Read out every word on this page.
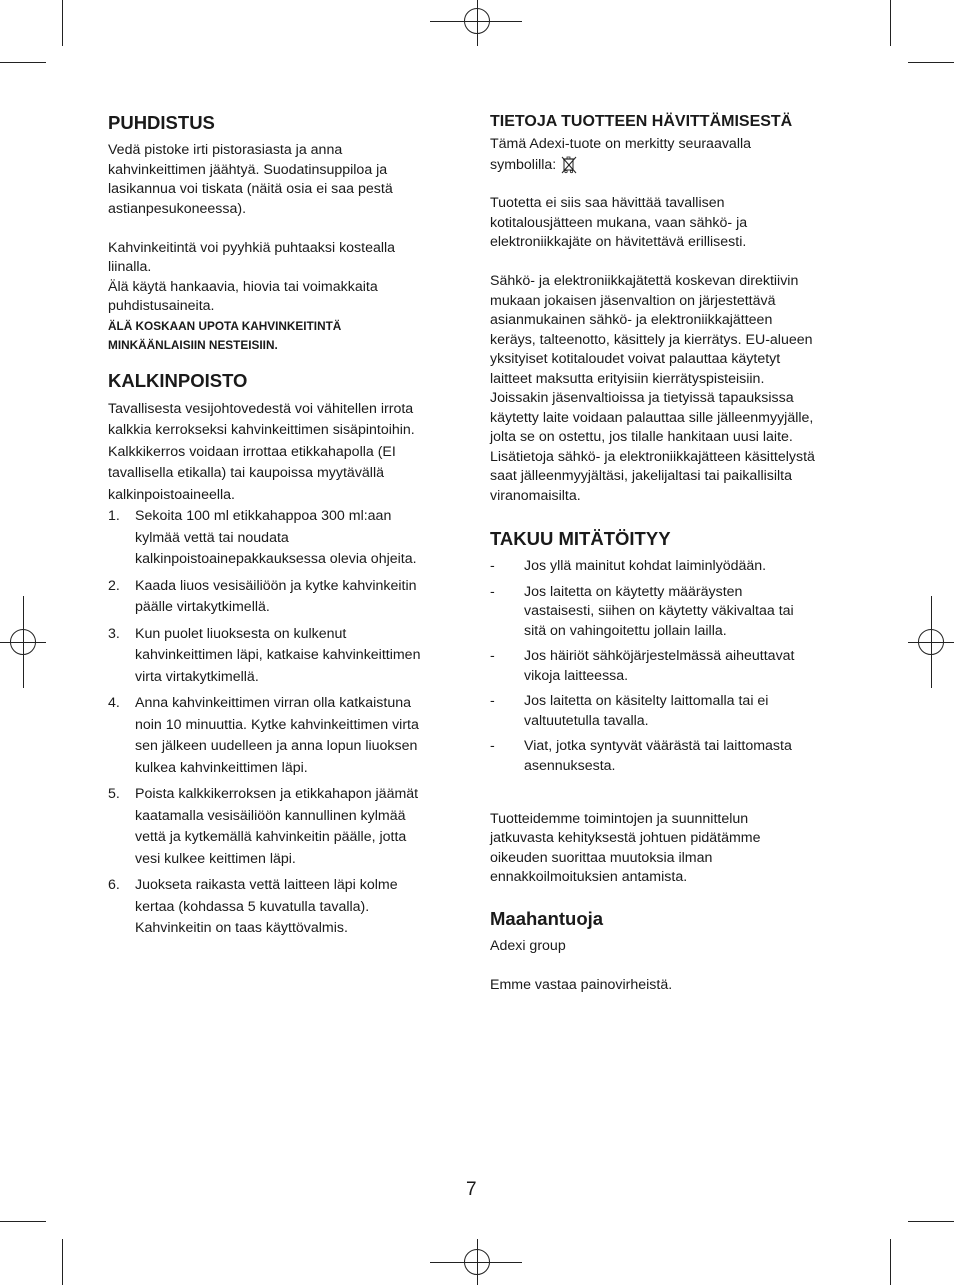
PUHDISTUS

Vedä pistoke irti pistorasiasta ja anna
kahvinkeittimen jäähtyä. Suodatinsuppiloa ja
lasikannua voi tiskata (näitä osia ei saa pestä
astianpesukoneessa).

Kahvinkeitintä voi pyyhkiä puhtaaksi kostealla
liinalla.

Älä käytä hankaavia, hiovia tai voimakkaita
puhdistusaineita.

ÄLÄ KOSKAAN UPOTA KAHVINKEITINTÄ
MINKÄÄNLAISIIN NESTEISIIN.

KALKINPOISTO

Tavallisesta vesijohtovedestä voi vähitellen irrota
kalkkia kerrokseksi kahvinkeittimen sisäpintoihin.
Kalkkikerros voidaan irrottaa etikkahapolla (EI
tavallisella etikalla) tai kaupoissa myytävällä
kalkinpoistoaineella.

1. Sekoita 100 ml etikkahappoa 300 ml:aan
kylmää vettä tai noudata
kalkinpoistoainepakkauksessa olevia ohjeita.
2. Kaada liuos vesisäiliöön ja kytke kahvinkeitin
päälle virtakytkimellä.
3. Kun puolet liuoksesta on kulkenut
kahvinkeittimen läpi, katkaise kahvinkeittimen
virta virtakytkimellä.
4. Anna kahvinkeittimen virran olla katkaistuna
noin 10 minuuttia. Kytke kahvinkeittimen virta
sen jälkeen uudelleen ja anna lopun liuoksen
kulkea kahvinkeittimen läpi.
5. Poista kalkkikerroksen ja etikkahapon jäämät
kaatamalla vesisäiliöön kannullinen kylmää
vettä ja kytkemällä kahvinkeitin päälle, jotta
vesi kulkee keittimen läpi.
6. Juokseta raikasta vettä laitteen läpi kolme
kertaa (kohdassa 5 kuvatulla tavalla).
Kahvinkeitin on taas käyttövalmis.
TIETOJA TUOTTEEN HÄVITTÄMISESTÄ

Tämä Adexi-tuote on merkitty seuraavalla
symbolilla:

Tuotetta ei siis saa hävittää tavallisen
kotitalousjätteen mukana, vaan sähkö- ja
elektroniikkajäte on hävitettävä erillisesti.

Sähkö- ja elektroniikkajätettä koskevan direktiivin
mukaan jokaisen jäsenvaltion on järjestettävä
asianmukainen sähkö- ja elektroniikkajätteen
keräys, talteenotto, käsittely ja kierrätys. EU-alueen
yksityiset kotitaloudet voivat palauttaa käytetyt
laitteet maksutta erityisiin kierrätyspisteisiin.
Joissakin jäsenvaltioissa ja tietyissä tapauksissa
käytetty laite voidaan palauttaa sille jälleenmyyjälle,
jolta se on ostettu, jos tilalle hankitaan uusi laite.
Lisätietoja sähkö- ja elektroniikkajätteen käsittelystä
saat jälleenmyyjältäsi, jakelijaltasi tai paikallisilta
viranomaisilta.

TAKUU MITÄTÖITYY
- Jos yllä mainitut kohdat laiminlyödään.
- Jos laitetta on käytetty määräysten
vastaisesti, siihen on käytetty väkivaltaa tai
sitä on vahingoitettu jollain lailla.
- Jos häiriöt sähköjärjestelmässä aiheuttavat
vikoja laitteessa.
- Jos laitetta on käsitelty laittomalla tai ei
valtuutetulla tavalla.
- Viat, jotka syntyvät väärästä tai laittomasta
asennuksesta.

Tuotteidemme toimintojen ja suunnittelun
jatkuvasta kehityksestä johtuen pidätämme
oikeuden suorittaa muutoksia ilman
ennakkoilmoituksien antamista.

Maahantuoja

Adexi group

Emme vastaa painovirheistä.

7
